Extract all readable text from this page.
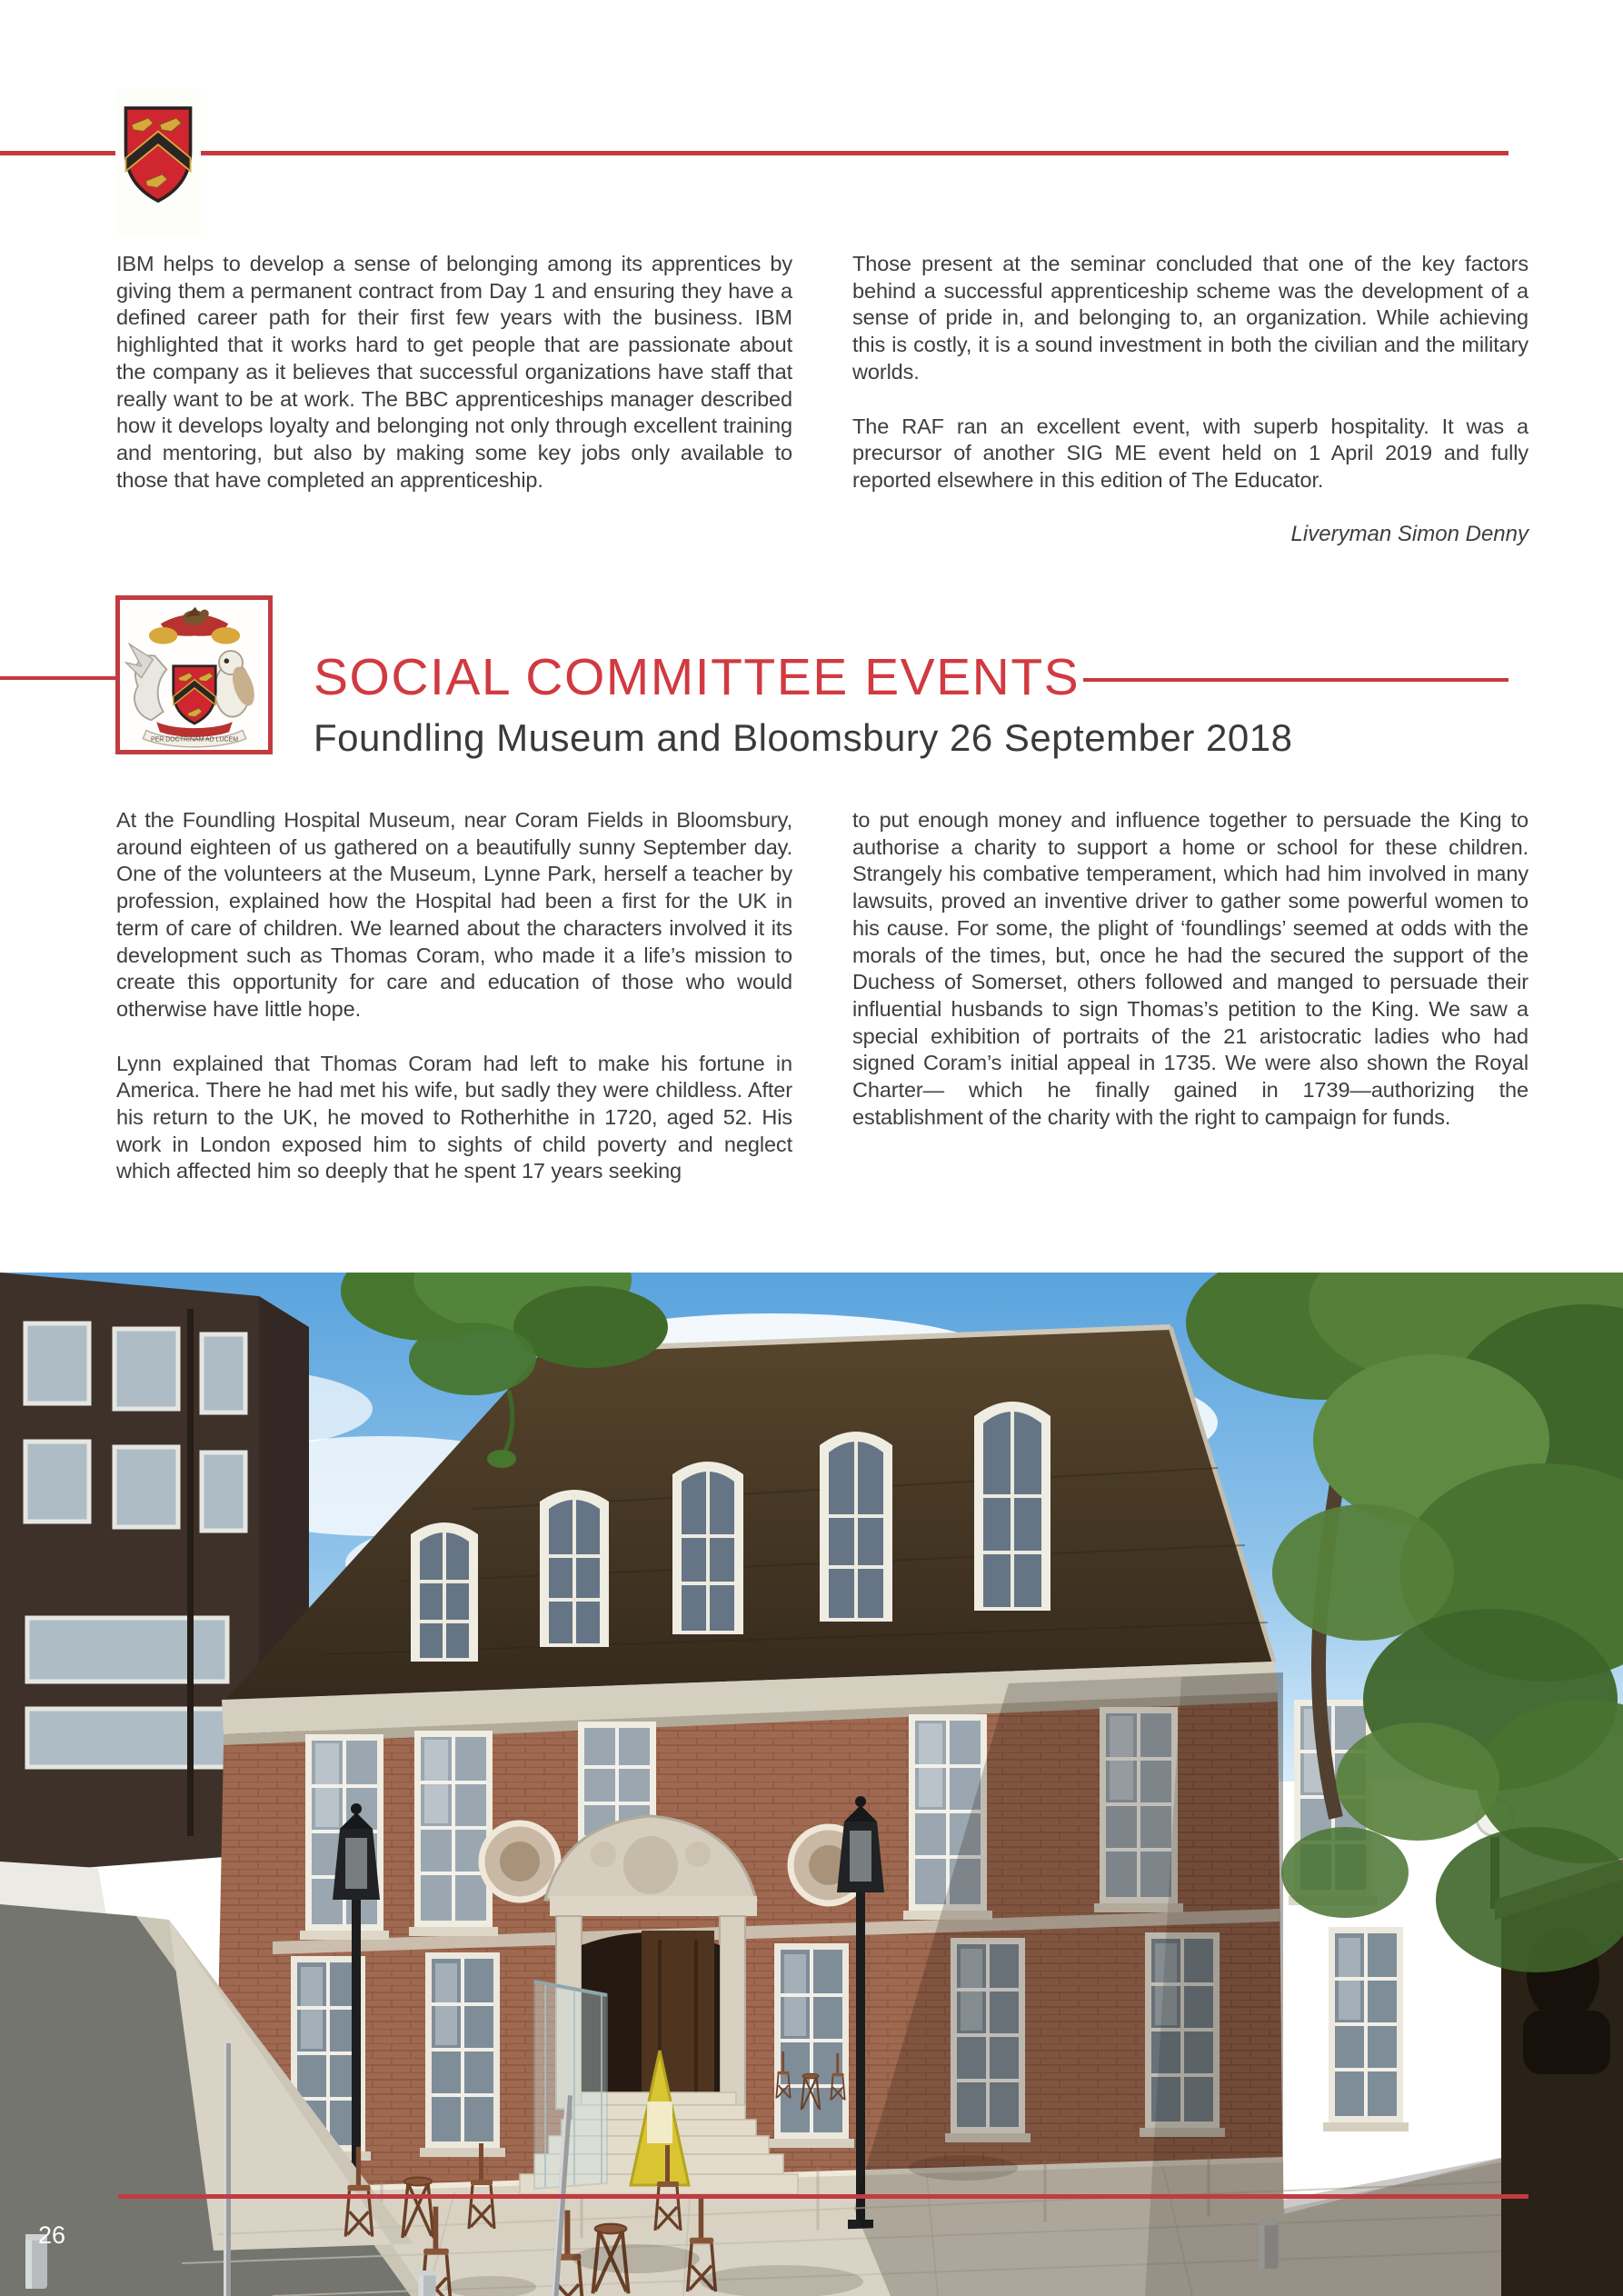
IBM helps to develop a sense of belonging among its apprentices by giving them a permanent contract from Day 1 and ensuring they have a defined career path for their first few years with the business. IBM highlighted that it works hard to get people that are passionate about the company as it believes that successful organizations have staff that really want to be at work. The BBC apprenticeships manager described how it develops loyalty and belonging not only through excellent training and mentoring, but also by making some key jobs only available to those that have completed an apprenticeship.

Those present at the seminar concluded that one of the key factors behind a successful apprenticeship scheme was the development of a sense of pride in, and belonging to, an organization. While achieving this is costly, it is a sound investment in both the civilian and the military worlds.

The RAF ran an excellent event, with superb hospitality. It was a precursor of another SIG ME event held on 1 April 2019 and fully reported elsewhere in this edition of The Educator.

Liveryman Simon Denny
PER DOCTRINAM AD LUCEM
SOCIAL COMMITTEE EVENTS
Foundling Museum and Bloomsbury 26 September 2018

At the Foundling Hospital Museum, near Coram Fields in Bloomsbury, around eighteen of us gathered on a beautifully sunny September day. One of the volunteers at the Museum, Lynne Park, herself a teacher by profession, explained how the Hospital had been a first for the UK in term of care of children. We learned about the characters involved it its development such as Thomas Coram, who made it a life’s mission to create this opportunity for care and education of those who would otherwise have little hope.

Lynn explained that Thomas Coram had left to make his fortune in America. There he had met his wife, but sadly they were childless. After his return to the UK, he moved to Rotherhithe in 1720, aged 52. His work in London exposed him to sights of child poverty and neglect which affected him so deeply that he spent 17 years seeking

to put enough money and influence together to persuade the King to authorise a charity to support a home or school for these children. Strangely his combative temperament, which had him involved in many lawsuits, proved an inventive driver to gather some powerful women to his cause. For some, the plight of ‘foundlings’ seemed at odds with the morals of the times, but, once he had the secured the support of the Duchess of Somerset, others followed and manged to persuade their influential husbands to sign Thomas’s petition to the King. We saw a special exhibition of portraits of the 21 aristocratic ladies who had signed Coram’s initial appeal in 1735. We were also shown the Royal Charter— which he finally gained in 1739—authorizing the establishment of the charity with the right to campaign for funds.

26
